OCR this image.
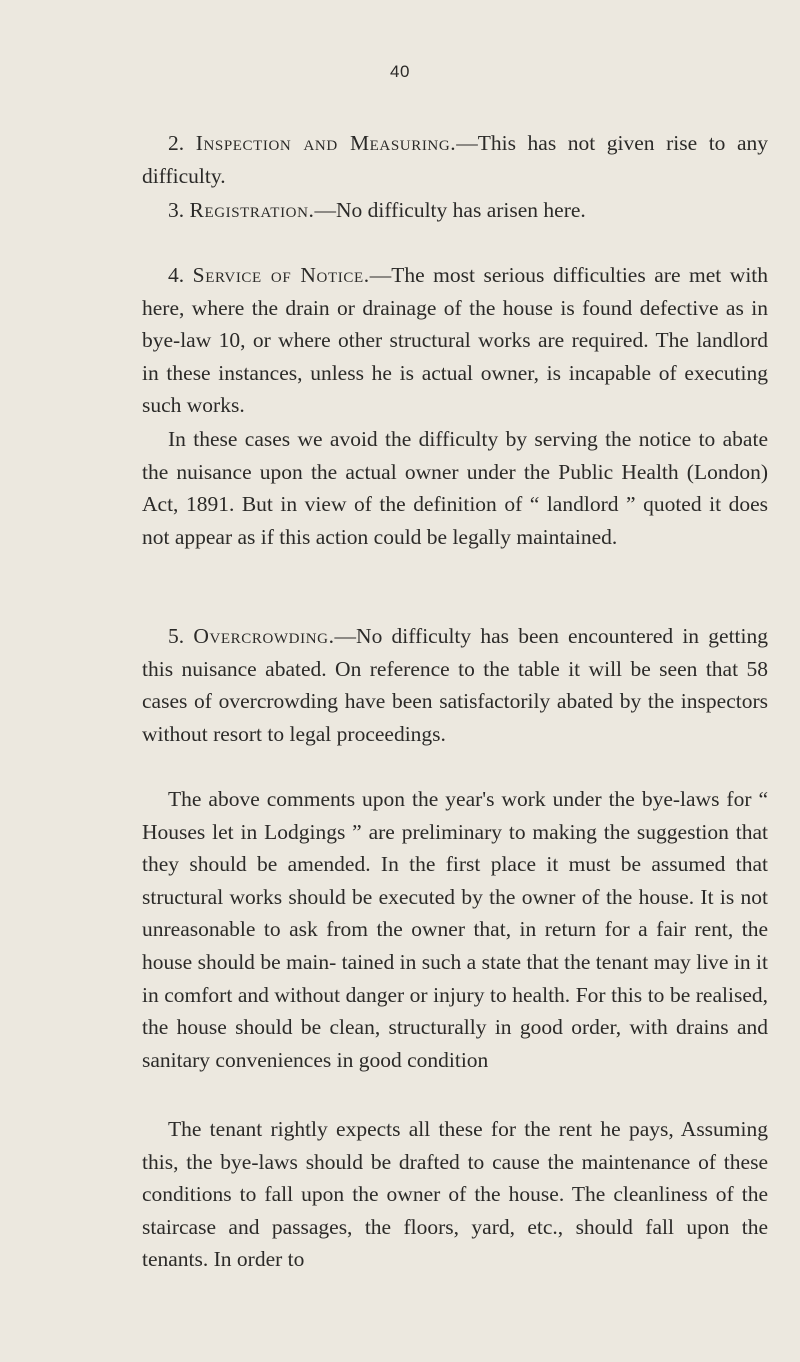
40

2. Inspection and Measuring.—This has not given rise to any difficulty.

3. Registration.—No difficulty has arisen here.

4. Service of Notice.—The most serious difficulties are met with here, where the drain or drainage of the house is found defective as in bye-law 10, or where other structural works are required. The landlord in these instances, unless he is actual owner, is incapable of executing such works.

In these cases we avoid the difficulty by serving the notice to abate the nuisance upon the actual owner under the Public Health (London) Act, 1891. But in view of the definition of “ landlord ” quoted it does not appear as if this action could be legally maintained.

5. Overcrowding.—No difficulty has been encountered in getting this nuisance abated. On reference to the table it will be seen that 58 cases of overcrowding have been satisfactorily abated by the inspectors without resort to legal proceedings.

The above comments upon the year's work under the bye-laws for “ Houses let in Lodgings ” are preliminary to making the suggestion that they should be amended. In the first place it must be assumed that structural works should be executed by the owner of the house. It is not unreasonable to ask from the owner that, in return for a fair rent, the house should be main- tained in such a state that the tenant may live in it in comfort and without danger or injury to health. For this to be realised, the house should be clean, structurally in good order, with drains and sanitary conveniences in good condition

The tenant rightly expects all these for the rent he pays, Assuming this, the bye-laws should be drafted to cause the maintenance of these conditions to fall upon the owner of the house. The cleanliness of the staircase and passages, the floors, yard, etc., should fall upon the tenants. In order to
